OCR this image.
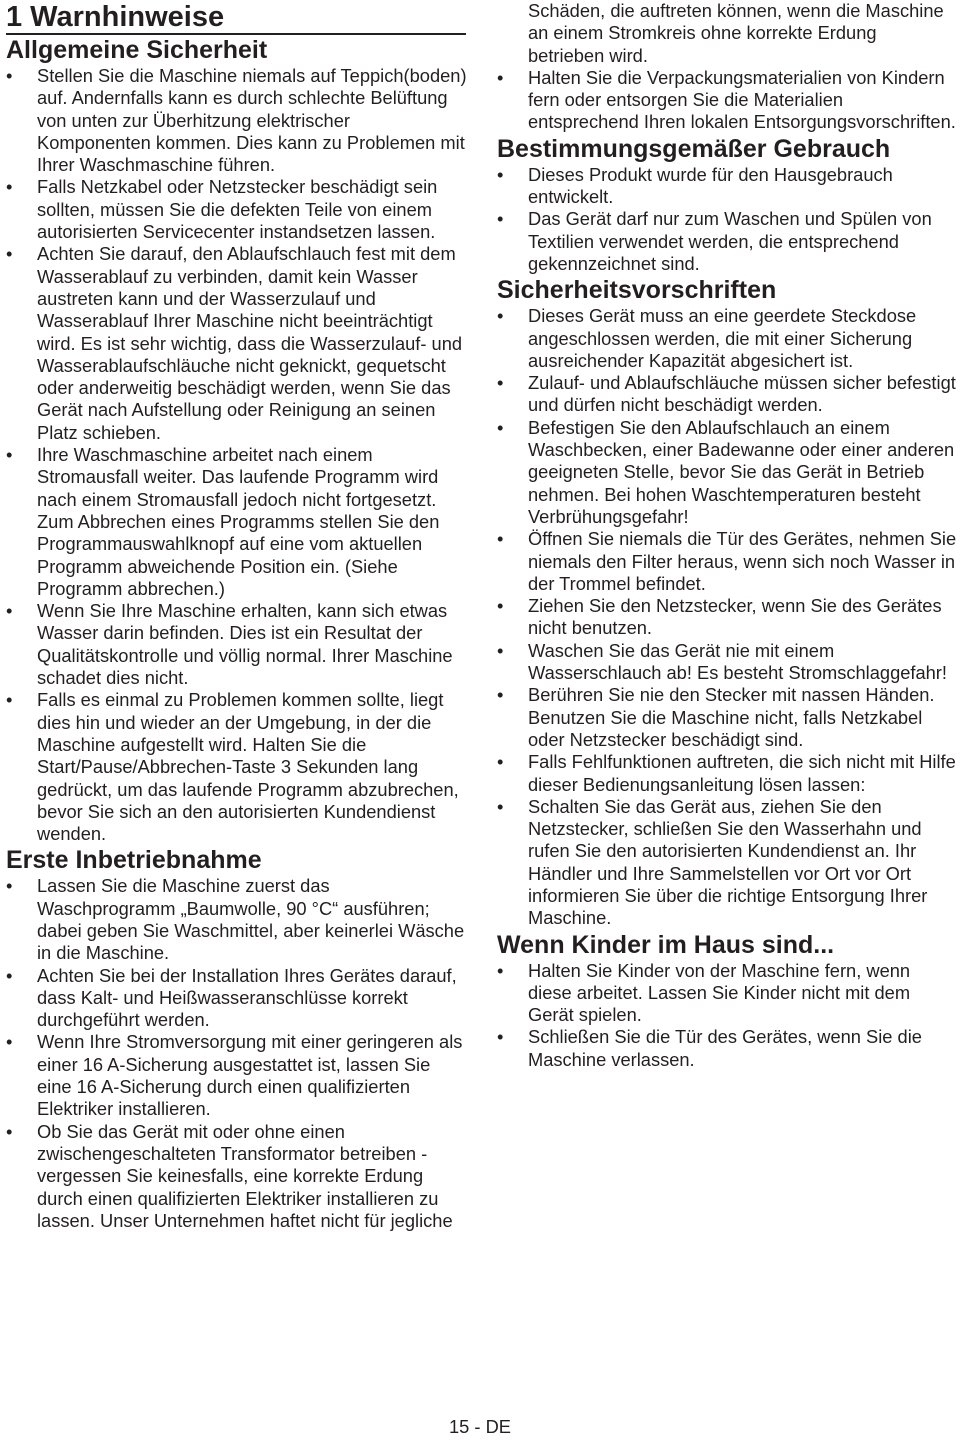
1 Warnhinweise
Allgemeine Sicherheit
•	Stellen Sie die Maschine niemals auf Teppich(boden) auf. Andernfalls kann es durch schlechte Belüftung von unten zur Überhitzung elektrischer Komponenten kommen. Dies kann zu Problemen mit Ihrer Waschmaschine führen.
•	Falls Netzkabel oder Netzstecker beschädigt sein sollten, müssen Sie die defekten Teile von einem autorisierten Servicecenter instandsetzen lassen.
•	Achten Sie darauf, den Ablaufschlauch fest mit dem Wasserablauf zu verbinden, damit kein Wasser austreten kann und der Wasserzulauf und Wasserablauf Ihrer Maschine nicht beeinträchtigt wird. Es ist sehr wichtig, dass die Wasserzulauf- und Wasserablaufschläuche nicht geknickt, gequetscht oder anderweitig beschädigt werden, wenn Sie das Gerät nach Aufstellung oder Reinigung an seinen Platz schieben.
•	Ihre Waschmaschine arbeitet nach einem Stromausfall weiter. Das laufende Programm wird nach einem Stromausfall jedoch nicht fortgesetzt. Zum Abbrechen eines Programms stellen Sie den Programmauswahlknopf auf eine vom aktuellen Programm abweichende Position ein. (Siehe Programm abbrechen.)
•	Wenn Sie Ihre Maschine erhalten, kann sich etwas Wasser darin befinden. Dies ist ein Resultat der Qualitätskontrolle und völlig normal. Ihrer Maschine schadet dies nicht.
•	Falls es einmal zu Problemen kommen sollte, liegt dies hin und wieder an der Umgebung, in der die Maschine aufgestellt wird. Halten Sie die Start/Pause/Abbrechen-Taste 3 Sekunden lang gedrückt, um das laufende Programm abzubrechen, bevor Sie sich an den autorisierten Kundendienst wenden.
Erste Inbetriebnahme
•	Lassen Sie die Maschine zuerst das Waschprogramm „Baumwolle, 90 °C“ ausführen; dabei geben Sie Waschmittel, aber keinerlei Wäsche in die Maschine.
•	Achten Sie bei der Installation Ihres Gerätes darauf, dass Kalt- und Heißwasseranschlüsse korrekt durchgeführt werden.
•	Wenn Ihre Stromversorgung mit einer geringeren als einer 16 A-Sicherung ausgestattet ist, lassen Sie eine 16 A-Sicherung durch einen qualifizierten Elektriker installieren.
•	Ob Sie das Gerät mit oder ohne einen zwischengeschalteten Transformator betreiben - vergessen Sie keinesfalls, eine korrekte Erdung durch einen qualifizierten Elektriker installieren zu lassen. Unser Unternehmen haftet nicht für jegliche
Schäden, die auftreten können, wenn die Maschine an einem Stromkreis ohne korrekte Erdung betrieben wird.
•	Halten Sie die Verpackungsmaterialien von Kindern fern oder entsorgen Sie die Materialien entsprechend Ihren lokalen Entsorgungsvorschriften.
Bestimmungsgemäßer Gebrauch
•	Dieses Produkt wurde für den Hausgebrauch entwickelt.
•	Das Gerät darf nur zum Waschen und Spülen von Textilien verwendet werden, die entsprechend gekennzeichnet sind.
Sicherheitsvorschriften
•	Dieses Gerät muss an eine geerdete Steckdose angeschlossen werden, die mit einer Sicherung ausreichender Kapazität abgesichert ist.
•	Zulauf- und Ablaufschläuche müssen sicher befestigt und dürfen nicht beschädigt werden.
•	Befestigen Sie den Ablaufschlauch an einem Waschbecken, einer Badewanne oder einer anderen geeigneten Stelle, bevor Sie das Gerät in Betrieb nehmen. Bei hohen Waschtemperaturen besteht Verbrühungsgefahr!
•	Öffnen Sie niemals die Tür des Gerätes, nehmen Sie niemals den Filter heraus, wenn sich noch Wasser in der Trommel befindet.
•	Ziehen Sie den Netzstecker, wenn Sie des Gerätes nicht benutzen.
•	Waschen Sie das Gerät nie mit einem Wasserschlauch ab! Es besteht Stromschlaggefahr!
•	Berühren Sie nie den Stecker mit nassen Händen. Benutzen Sie die Maschine nicht, falls Netzkabel oder Netzstecker beschädigt sind.
•	Falls Fehlfunktionen auftreten, die sich nicht mit Hilfe dieser Bedienungsanleitung lösen lassen:
•	Schalten Sie das Gerät aus, ziehen Sie den Netzstecker, schließen Sie den Wasserhahn und rufen Sie den autorisierten Kundendienst an. Ihr Händler und Ihre Sammelstellen vor Ort vor Ort informieren Sie über die richtige Entsorgung Ihrer Maschine.
Wenn Kinder im Haus sind...
•	Halten Sie Kinder von der Maschine fern, wenn diese arbeitet. Lassen Sie Kinder nicht mit dem Gerät spielen.
•	Schließen Sie die Tür des Gerätes, wenn Sie die Maschine verlassen.
15 - DE
